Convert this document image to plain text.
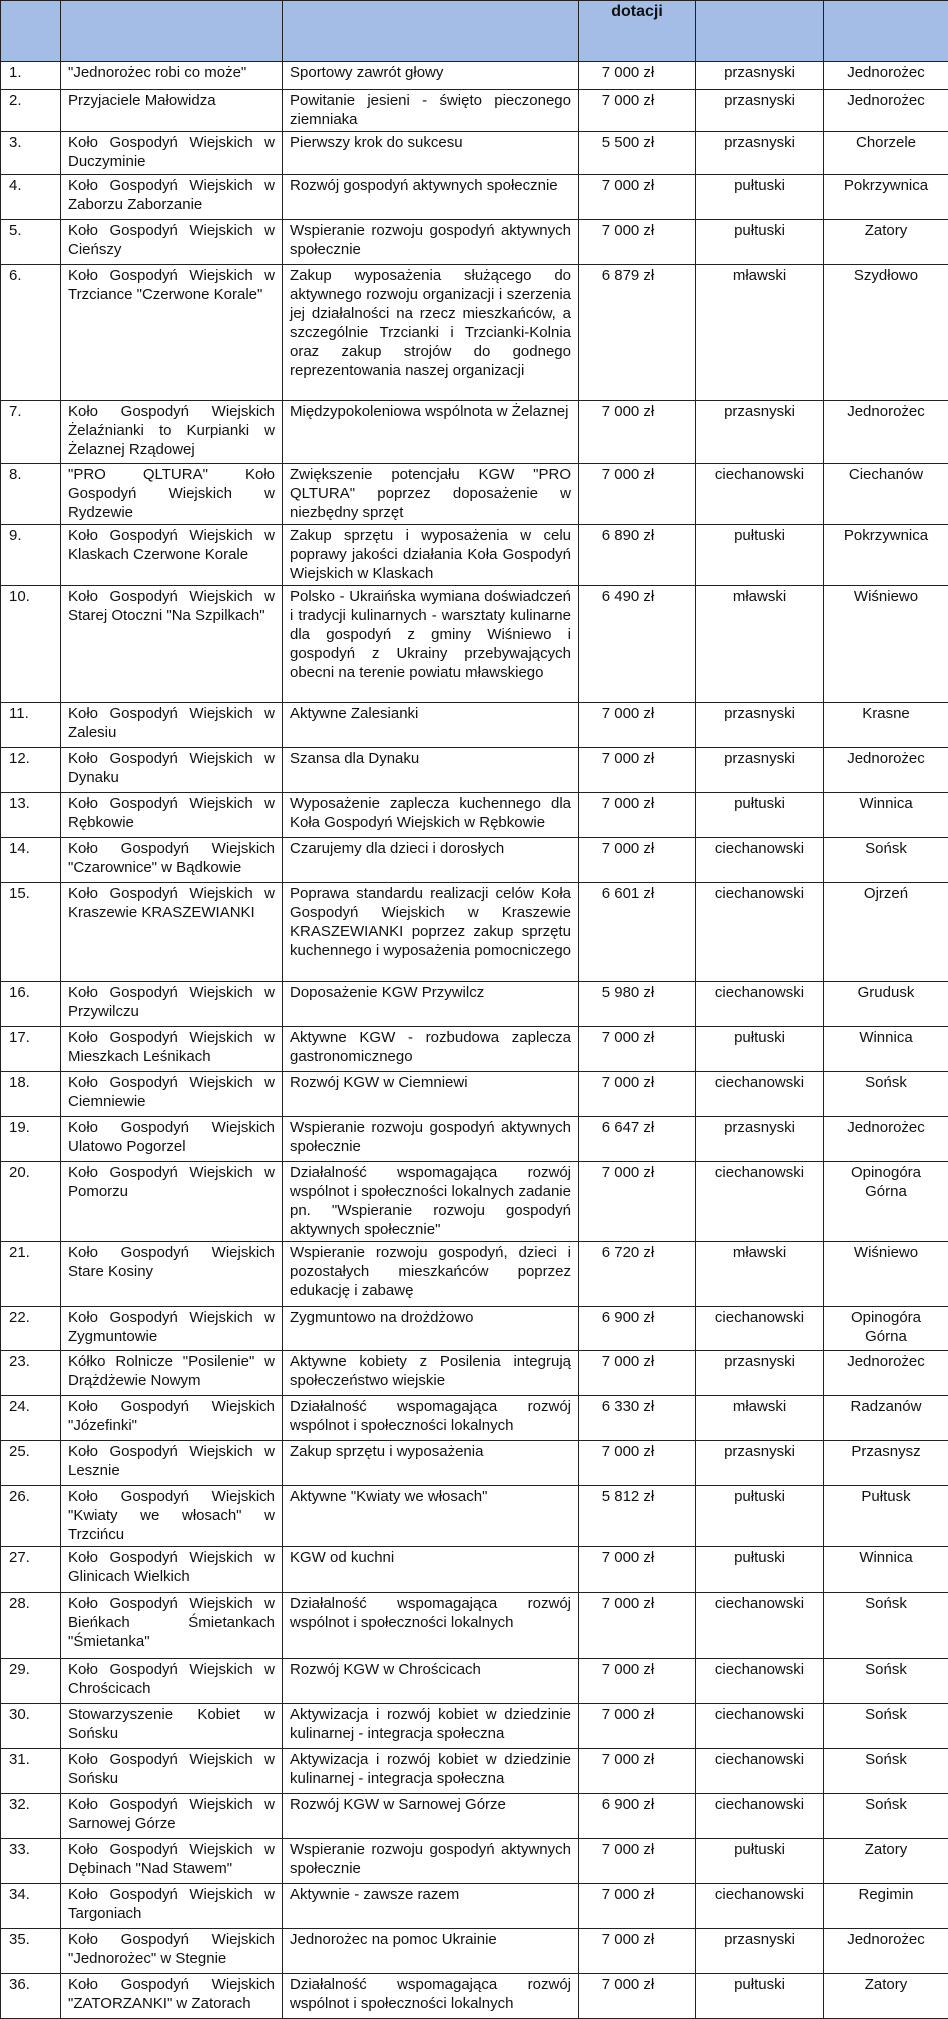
			dotacji		
1.	"Jednorożec robi co może"	Sportowy zawrót głowy	7 000 zł	przasnyski	Jednorożec
2.	Przyjaciele Małowidza	Powitanie jesieni - święto pieczonego ziemniaka	7 000 zł	przasnyski	Jednorożec
3.	Koło Gospodyń Wiejskich w Duczyminie	Pierwszy krok do sukcesu	5 500 zł	przasnyski	Chorzele
4.	Koło Gospodyń Wiejskich w Zaborzu Zaborzanie	Rozwój gospodyń aktywnych społecznie	7 000 zł	pułtuski	Pokrzywnica
5.	Koło Gospodyń Wiejskich w Cieńszy	Wspieranie rozwoju gospodyń aktywnych społecznie	7 000 zł	pułtuski	Zatory
6.	Koło Gospodyń Wiejskich w Trzciance "Czerwone Korale"	Zakup wyposażenia służącego do aktywnego rozwoju organizacji i szerzenia jej działalności na rzecz mieszkańców, a szczególnie Trzcianki i Trzcianki-Kolnia oraz zakup strojów do godnego reprezentowania naszej organizacji	6 879 zł	mławski	Szydłowo
7.	Koło Gospodyń Wiejskich Żelaźnianki to Kurpianki w Żelaznej Rządowej	Międzypokoleniowa wspólnota w Żelaznej	7 000 zł	przasnyski	Jednorożec
8.	"PRO QLTURA" Koło Gospodyń Wiejskich w Rydzewie	Zwiększenie potencjału KGW "PRO QLTURA" poprzez doposażenie w niezbędny sprzęt	7 000 zł	ciechanowski	Ciechanów
9.	Koło Gospodyń Wiejskich w Klaskach Czerwone Korale	Zakup sprzętu i wyposażenia w celu poprawy jakości działania Koła Gospodyń Wiejskich w Klaskach	6 890 zł	pułtuski	Pokrzywnica
10.	Koło Gospodyń Wiejskich w Starej Otoczni "Na Szpilkach"	Polsko - Ukraińska wymiana doświadczeń i tradycji kulinarnych - warsztaty kulinarne dla gospodyń z gminy Wiśniewo i gospodyń z Ukrainy przebywających obecni na terenie powiatu mławskiego	6 490 zł	mławski	Wiśniewo
11.	Koło Gospodyń Wiejskich w Zalesiu	Aktywne Zalesianki	7 000 zł	przasnyski	Krasne
12.	Koło Gospodyń Wiejskich w Dynaku	Szansa dla Dynaku	7 000 zł	przasnyski	Jednorożec
13.	Koło Gospodyń Wiejskich w Rębkowie	Wyposażenie zaplecza kuchennego dla Koła Gospodyń Wiejskich w Rębkowie	7 000 zł	pułtuski	Winnica
14.	Koło Gospodyń Wiejskich "Czarownice" w Bądkowie	Czarujemy dla dzieci i dorosłych	7 000 zł	ciechanowski	Sońsk
15.	Koło Gospodyń Wiejskich w Kraszewie KRASZEWIANKI	Poprawa standardu realizacji celów Koła Gospodyń Wiejskich w Kraszewie KRASZEWIANKI poprzez zakup sprzętu kuchennego i wyposażenia pomocniczego	6 601 zł	ciechanowski	Ojrzeń
16.	Koło Gospodyń Wiejskich w Przywilczu	Doposażenie KGW Przywilcz	5 980 zł	ciechanowski	Grudusk
17.	Koło Gospodyń Wiejskich w Mieszkach Leśnikach	Aktywne KGW - rozbudowa zaplecza gastronomicznego	7 000 zł	pułtuski	Winnica
18.	Koło Gospodyń Wiejskich w Ciemniewie	Rozwój KGW w Ciemniewi	7 000 zł	ciechanowski	Sońsk
19.	Koło Gospodyń Wiejskich Ulatowo Pogorzel	Wspieranie rozwoju gospodyń aktywnych społecznie	6 647 zł	przasnyski	Jednorożec
20.	Koło Gospodyń Wiejskich w Pomorzu	Działalność wspomagająca rozwój wspólnot i społeczności lokalnych zadanie pn. "Wspieranie rozwoju gospodyń aktywnych społecznie"	7 000 zł	ciechanowski	Opinogóra Górna
21.	Koło Gospodyń Wiejskich Stare Kosiny	Wspieranie rozwoju gospodyń, dzieci i pozostałych mieszkańców poprzez edukację i zabawę	6 720 zł	mławski	Wiśniewo
22.	Koło Gospodyń Wiejskich w Zygmuntowie	Zygmuntowo na drożdżowo	6 900 zł	ciechanowski	Opinogóra Górna
23.	Kółko Rolnicze "Posilenie" w Drążdżewie Nowym	Aktywne kobiety z Posilenia integrują społeczeństwo wiejskie	7 000 zł	przasnyski	Jednorożec
24.	Koło Gospodyń Wiejskich "Józefinki"	Działalność wspomagająca rozwój wspólnot i społeczności lokalnych	6 330 zł	mławski	Radzanów
25.	Koło Gospodyń Wiejskich w Lesznie	Zakup sprzętu i wyposażenia	7 000 zł	przasnyski	Przasnysz
26.	Koło Gospodyń Wiejskich "Kwiaty we włosach" w Trzcińcu	Aktywne "Kwiaty we włosach"	5 812 zł	pułtuski	Pułtusk
27.	Koło Gospodyń Wiejskich w Glinicach Wielkich	KGW od kuchni	7 000 zł	pułtuski	Winnica
28.	Koło Gospodyń Wiejskich w Bieńkach Śmietankach "Śmietanka"	Działalność wspomagająca rozwój wspólnot i społeczności lokalnych	7 000 zł	ciechanowski	Sońsk
29.	Koło Gospodyń Wiejskich w Chrościcach	Rozwój KGW w Chrościcach	7 000 zł	ciechanowski	Sońsk
30.	Stowarzyszenie Kobiet w Sońsku	Aktywizacja i rozwój kobiet w dziedzinie kulinarnej - integracja społeczna	7 000 zł	ciechanowski	Sońsk
31.	Koło Gospodyń Wiejskich w Sońsku	Aktywizacja i rozwój kobiet w dziedzinie kulinarnej - integracja społeczna	7 000 zł	ciechanowski	Sońsk
32.	Koło Gospodyń Wiejskich w Sarnowej Górze	Rozwój KGW w Sarnowej Górze	6 900 zł	ciechanowski	Sońsk
33.	Koło Gospodyń Wiejskich w Dębinach "Nad Stawem"	Wspieranie rozwoju gospodyń aktywnych społecznie	7 000 zł	pułtuski	Zatory
34.	Koło Gospodyń Wiejskich w Targoniach	Aktywnie - zawsze razem	7 000 zł	ciechanowski	Regimin
35.	Koło Gospodyń Wiejskich "Jednorożec" w Stegnie	Jednorożec na pomoc Ukrainie	7 000 zł	przasnyski	Jednorożec
36.	Koło Gospodyń Wiejskich "ZATORZANKI" w Zatorach	Działalność wspomagająca rozwój wspólnot i społeczności lokalnych	7 000 zł	pułtuski	Zatory
